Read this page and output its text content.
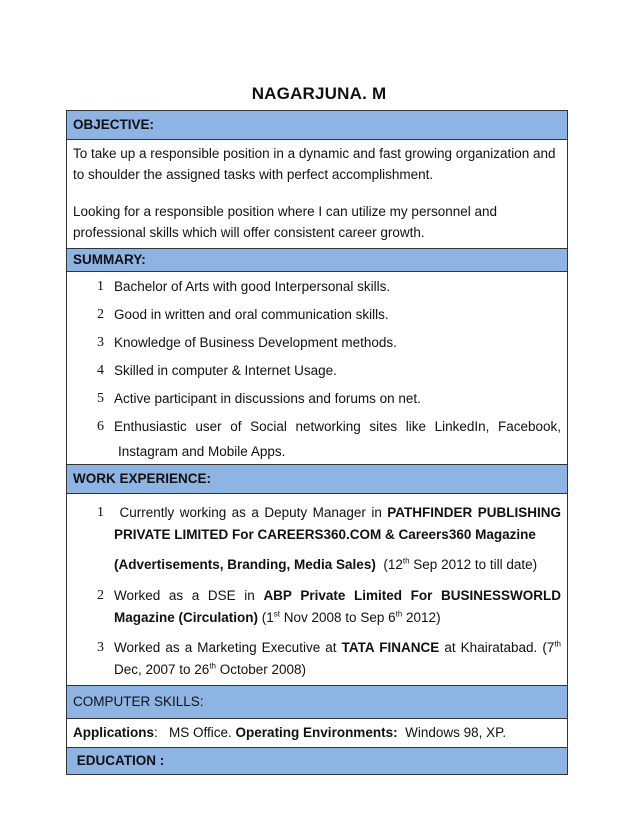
NAGARJUNA. M
OBJECTIVE:

To take up a responsible position in a dynamic and fast growing organization and to shoulder the assigned tasks with perfect accomplishment.

Looking for a responsible position where I can utilize my personnel and professional skills which will offer consistent career growth.

SUMMARY:
1 Bachelor of Arts with good Interpersonal skills.
2 Good in written and oral communication skills.
3 Knowledge of Business Development methods.
4 Skilled in computer & Internet Usage.
5 Active participant in discussions and forums on net.
6 Enthusiastic user of Social networking sites like LinkedIn, Facebook,
Instagram and Mobile Apps.
WORK EXPERIENCE:
1	Currently working as a Deputy Manager in PATHFINDER PUBLISHING PRIVATE LIMITED For CAREERS360.COM & Careers360 Magazine
(Advertisements, Branding, Media Sales) (12th Sep 2012 to till date)
2 Worked as a DSE in ABP Private Limited For BUSINESSWORLD Magazine (Circulation) (1st Nov 2008 to Sep 6th 2012)
3 Worked as a Marketing Executive at TATA FINANCE at Khairatabad. (7th Dec, 2007 to 26th October 2008)
COMPUTER SKILLS:
Applications:   MS Office. Operating Environments:  Windows 98, XP.
EDUCATION :
